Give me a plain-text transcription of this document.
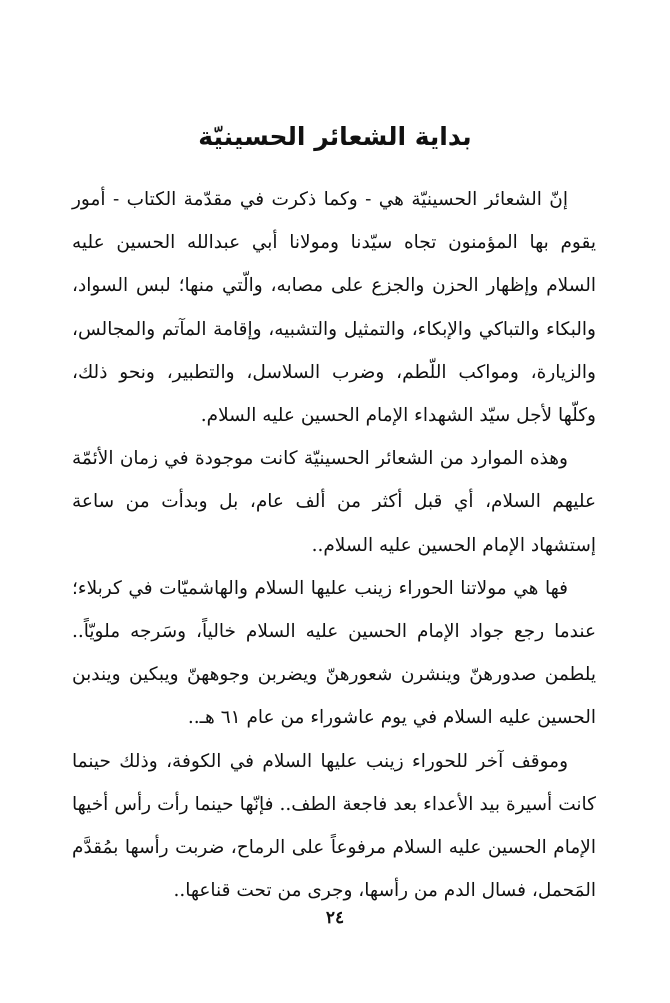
بداية الشعائر الحسينيّة

إنّ الشعائر الحسينيّة هي - وكما ذكرت في مقدّمة الكتاب - أمور يقوم بها المؤمنون تجاه سيّدنا ومولانا أبي عبدالله الحسين عليه السلام وإظهار الحزن والجزع على مصابه، والّتي منها؛ لبس السواد، والبكاء والتباكي والإبكاء، والتمثيل والتشبيه، وإقامة المآتم والمجالس، والزيارة، ومواكب اللّطم، وضرب السلاسل، والتطبير، ونحو ذلك، وكلّها لأجل سيّد الشهداء الإمام الحسين عليه السلام.

وهذه الموارد من الشعائر الحسينيّة كانت موجودة في زمان الأئمّة عليهم السلام، أي قبل أكثر من ألف عام، بل وبدأت من ساعة إستشهاد الإمام الحسين عليه السلام..

فها هي مولاتنا الحوراء زينب عليها السلام والهاشميّات في كربلاء؛ عندما رجع جواد الإمام الحسين عليه السلام خالياً، وسَرجه ملويّاً.. يلطمن صدورهنّ وينشرن شعورهنّ ويضربن وجوههنّ ويبكين ويندبن الحسين عليه السلام في يوم عاشوراء من عام ٦١ هـ..

وموقف آخر للحوراء زينب عليها السلام في الكوفة، وذلك حينما كانت أسيرة بيد الأعداء بعد فاجعة الطف.. فإنّها حينما رأت رأس أخيها الإمام الحسين عليه السلام مرفوعاً على الرماح، ضربت رأسها بمُقدَّم المَحمل، فسال الدم من رأسها، وجرى من تحت قناعها..

٢٤
